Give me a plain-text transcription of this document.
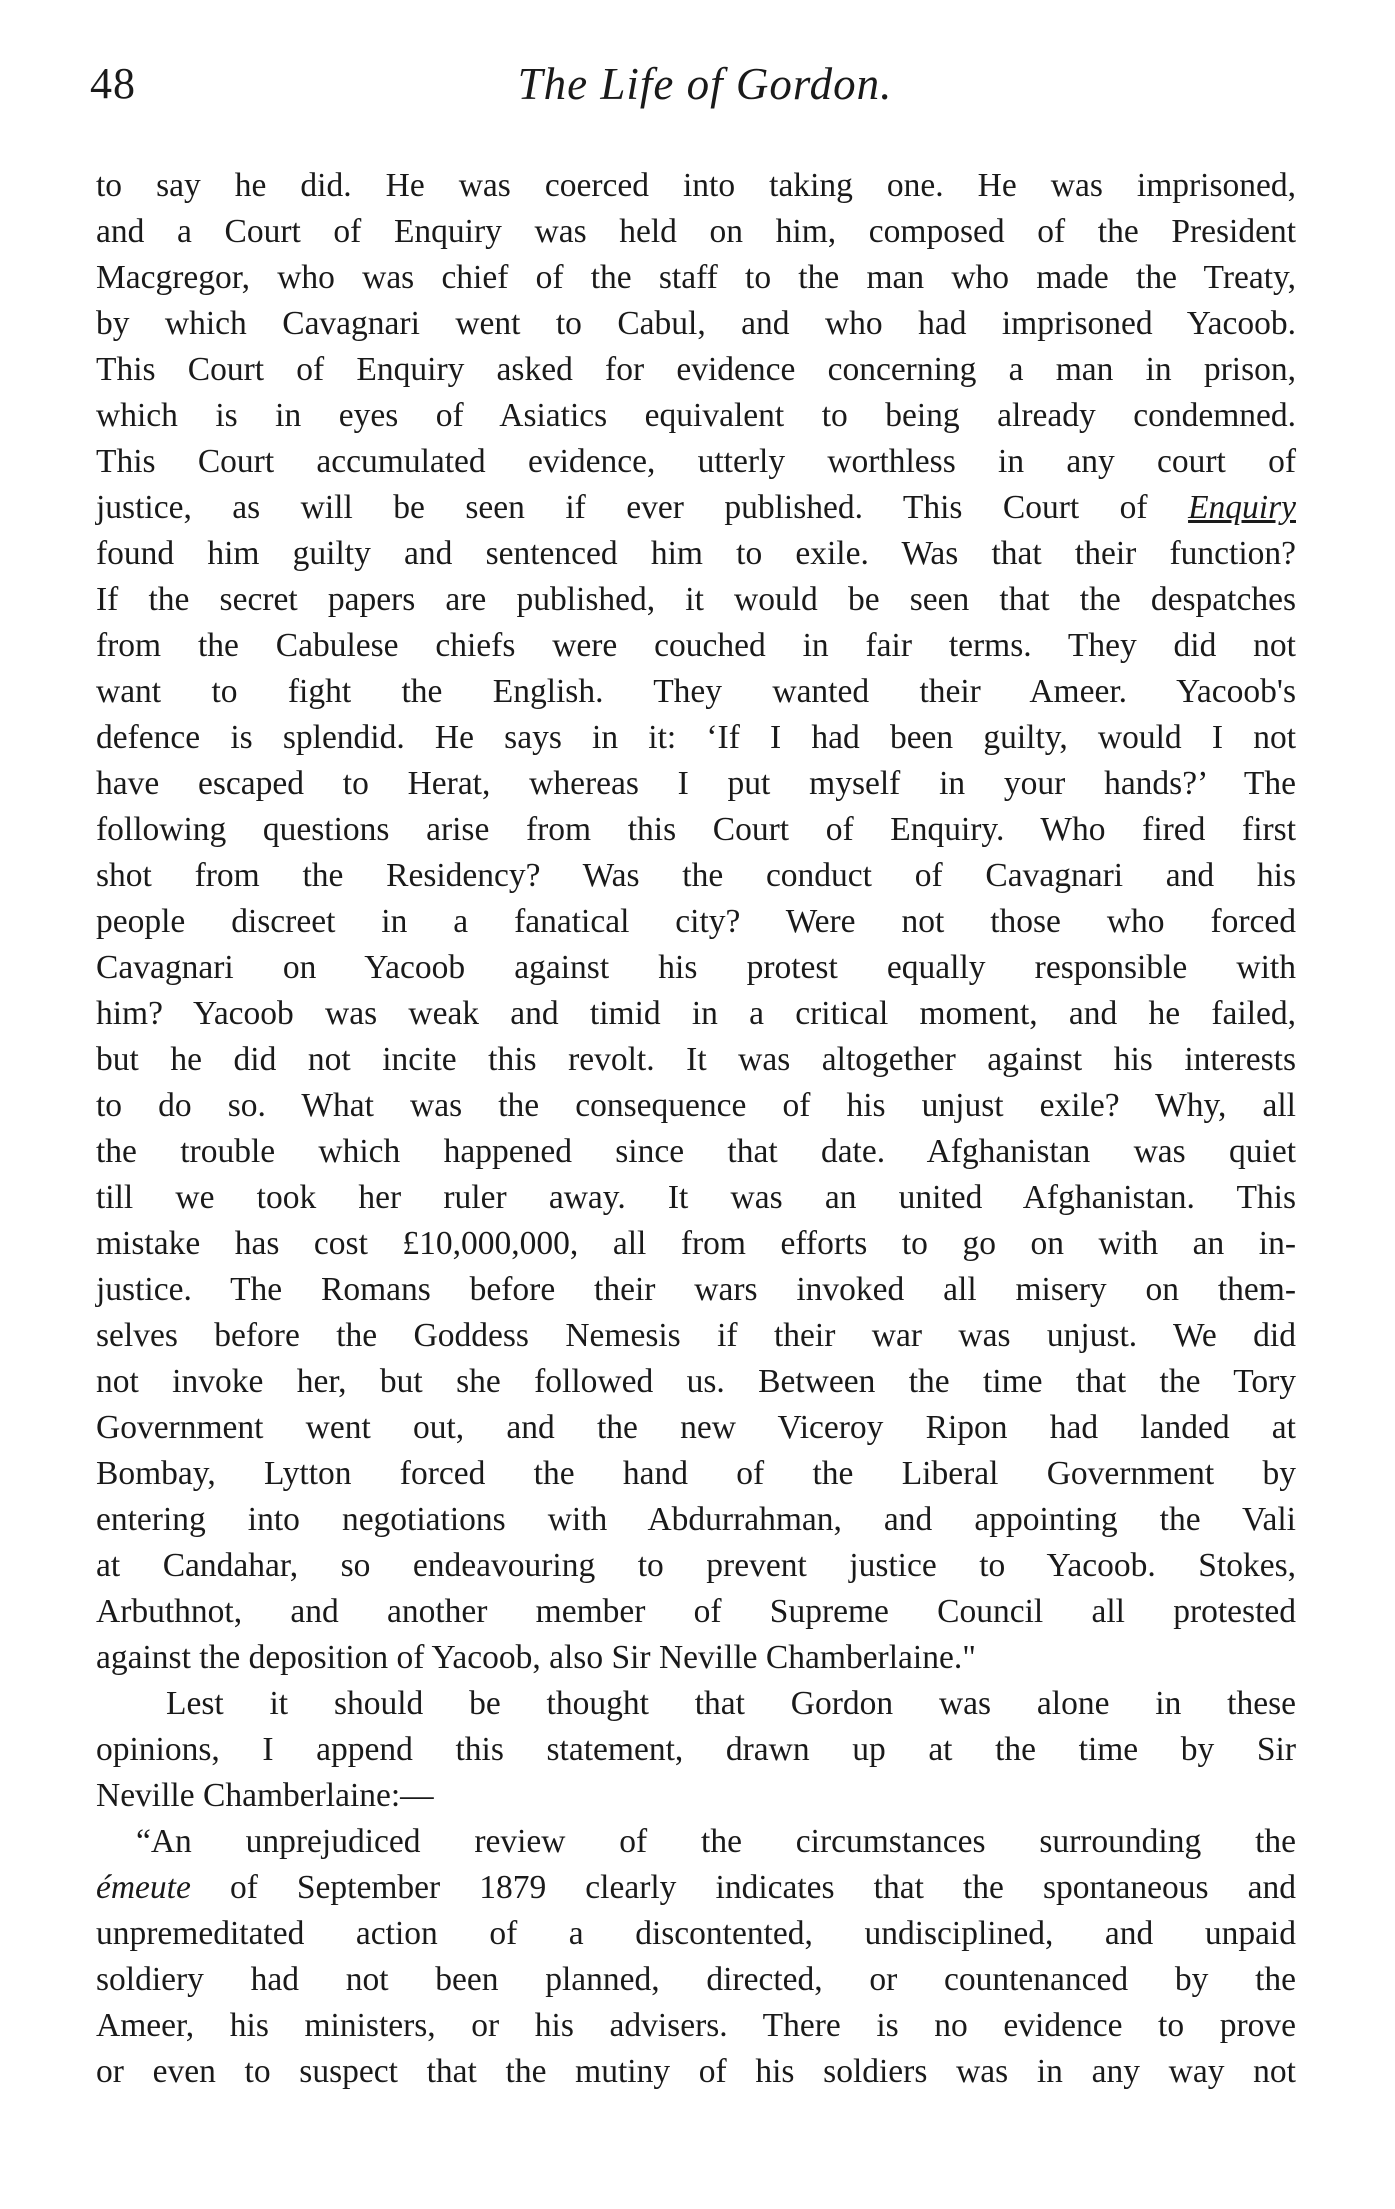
48	The Life of Gordon.
to say he did. He was coerced into taking one. He was imprisoned,
and a Court of Enquiry was held on him, composed of the President
Macgregor, who was chief of the staff to the man who made the Treaty,
by which Cavagnari went to Cabul, and who had imprisoned Yacoob.
This Court of Enquiry asked for evidence concerning a man in prison,
which is in eyes of Asiatics equivalent to being already condemned.
This Court accumulated evidence, utterly worthless in any court of
justice, as will be seen if ever published. This Court of Enquiry
found him guilty and sentenced him to exile. Was that their function?
If the secret papers are published, it would be seen that the despatches
from the Cabulese chiefs were couched in fair terms. They did not
want to fight the English. They wanted their Ameer. Yacoob's
defence is splendid. He says in it: ‘If I had been guilty, would I not
have escaped to Herat, whereas I put myself in your hands?’ The
following questions arise from this Court of Enquiry. Who fired first
shot from the Residency? Was the conduct of Cavagnari and his
people discreet in a fanatical city? Were not those who forced
Cavagnari on Yacoob against his protest equally responsible with
him? Yacoob was weak and timid in a critical moment, and he failed,
but he did not incite this revolt. It was altogether against his interests
to do so. What was the consequence of his unjust exile? Why, all
the trouble which happened since that date. Afghanistan was quiet
till we took her ruler away. It was an united Afghanistan. This
mistake has cost £10,000,000, all from efforts to go on with an in-
justice. The Romans before their wars invoked all misery on them-
selves before the Goddess Nemesis if their war was unjust. We did
not invoke her, but she followed us. Between the time that the Tory
Government went out, and the new Viceroy Ripon had landed at
Bombay, Lytton forced the hand of the Liberal Government by
entering into negotiations with Abdurrahman, and appointing the Vali
at Candahar, so endeavouring to prevent justice to Yacoob. Stokes,
Arbuthnot, and another member of Supreme Council all protested
against the deposition of Yacoob, also Sir Neville Chamberlaine."
Lest it should be thought that Gordon was alone in these
opinions, I append this statement, drawn up at the time by Sir
Neville Chamberlaine:—
“An unprejudiced review of the circumstances surrounding the
émeute of September 1879 clearly indicates that the spontaneous and
unpremeditated action of a discontented, undisciplined, and unpaid
soldiery had not been planned, directed, or countenanced by the
Ameer, his ministers, or his advisers. There is no evidence to prove
or even to suspect that the mutiny of his soldiers was in any way not
